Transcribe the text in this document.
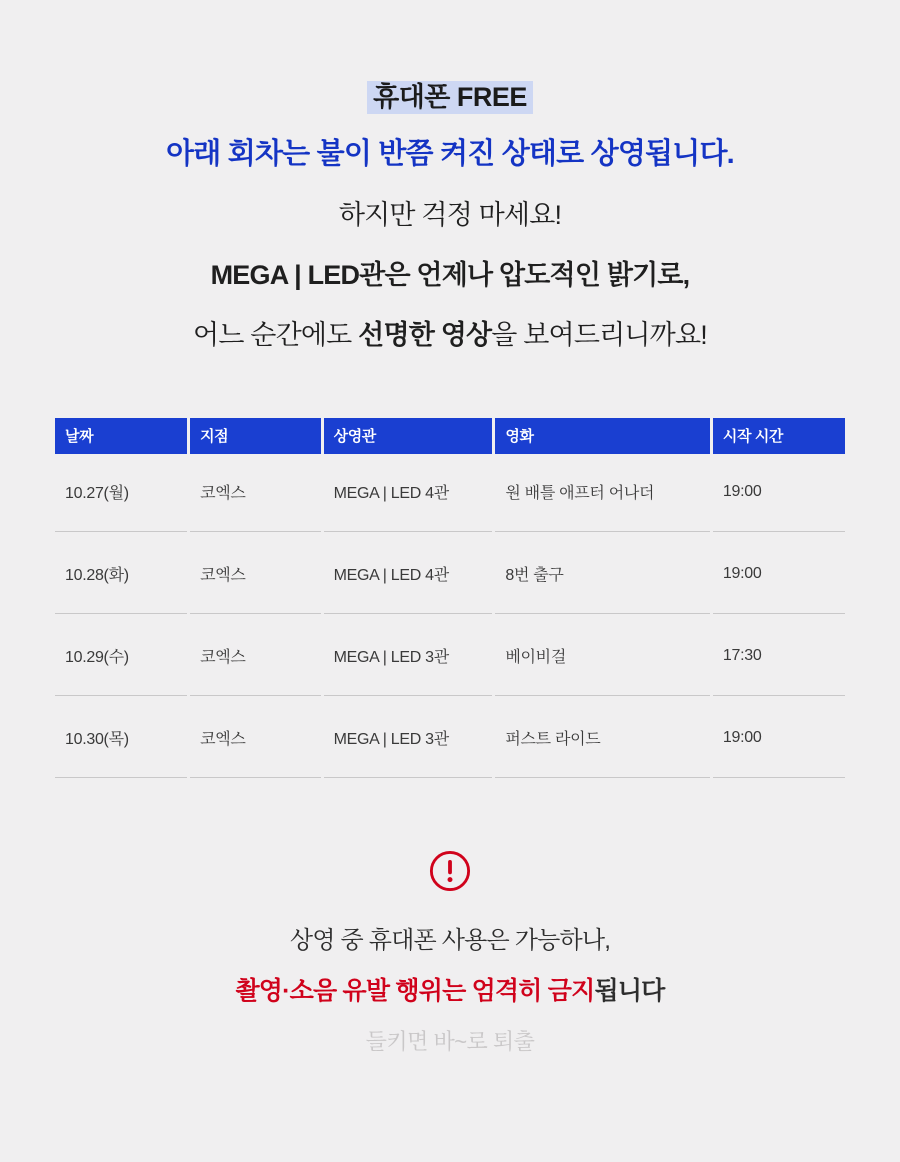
휴대폰 FREE
아래 회차는 불이 반쯤 켜진 상태로 상영됩니다.
하지만 걱정 마세요!
MEGA | LED관은 언제나 압도적인 밝기로,
어느 순간에도 선명한 영상을 보여드리니까요!
날짜	지점	상영관	영화	시작 시간
10.27(월)	코엑스	MEGA | LED 4관	원 배틀 애프터 어나더	19:00
10.28(화)	코엑스	MEGA | LED 4관	8번 출구	19:00
10.29(수)	코엑스	MEGA | LED 3관	베이비걸	17:30
10.30(목)	코엑스	MEGA | LED 3관	퍼스트 라이드	19:00
상영 중 휴대폰 사용은 가능하나,
촬영·소음 유발 행위는 엄격히 금지됩니다
들키면 바~로 퇴출
